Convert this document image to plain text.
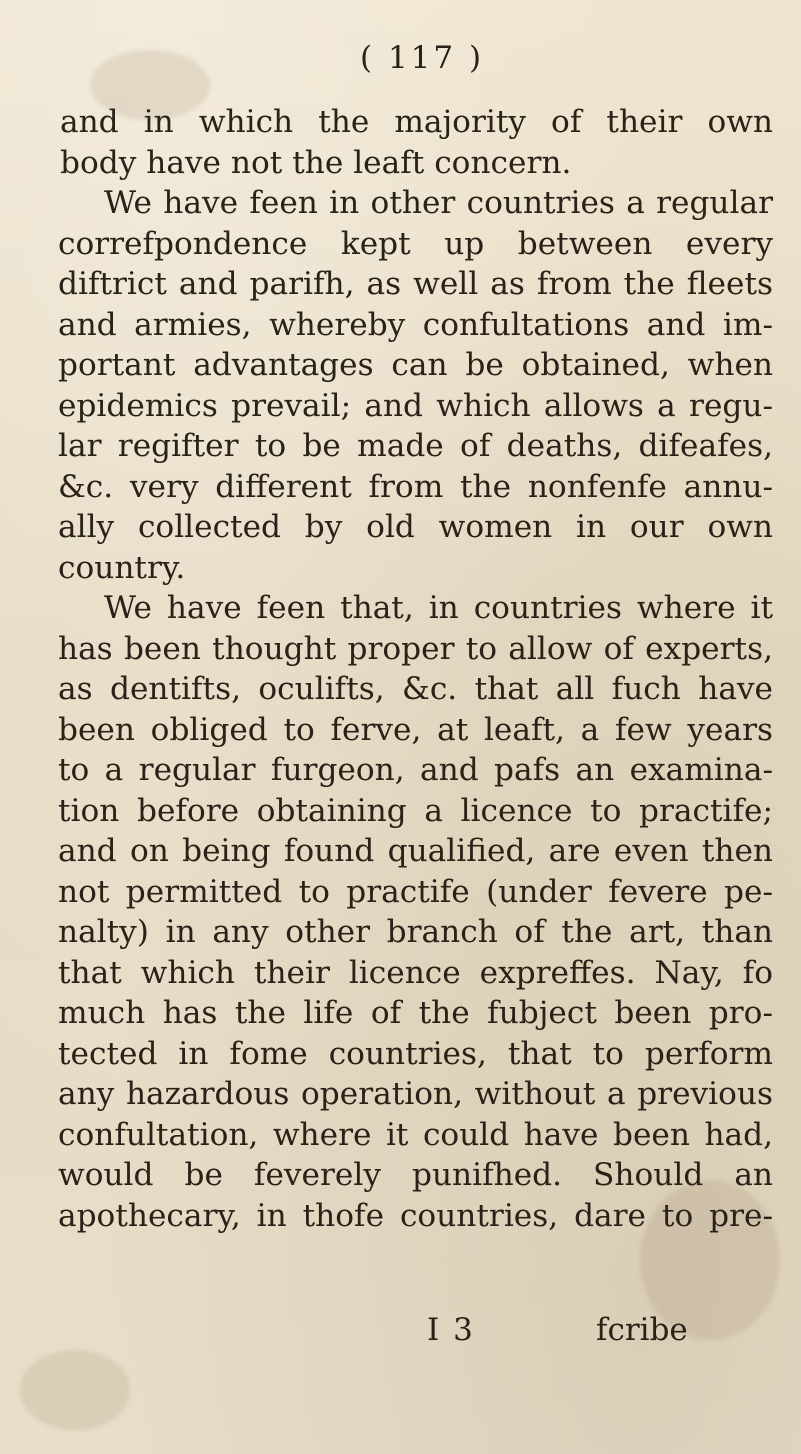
( 117 )
and in which the majority of their own
body have not the leaft concern.
We have feen in other countries a regular
correfpondence kept up between every
diftrict and parifh, as well as from the fleets
and armies, whereby confultations and im-
portant advantages can be obtained, when
epidemics prevail; and which allows a regu-
lar regifter to be made of deaths, difeafes,
&c. very different from the nonfenfe annu-
ally collected by old women in our own
country.
We have feen that, in countries where it
has been thought proper to allow of experts,
as dentifts, oculifts, &c. that all fuch have
been obliged to ferve, at leaft, a few years
to a regular furgeon, and pafs an examina-
tion before obtaining a licence to practife;
and on being found qualified, are even then
not permitted to practife (under fevere pe-
nalty) in any other branch of the art, than
that which their licence expreffes. Nay, fo
much has the life of the fubject been pro-
tected in fome countries, that to perform
any hazardous operation, without a previous
confultation, where it could have been had,
would be feverely punifhed. Should an
apothecary, in thofe countries, dare to pre-
I 3	fcribe
